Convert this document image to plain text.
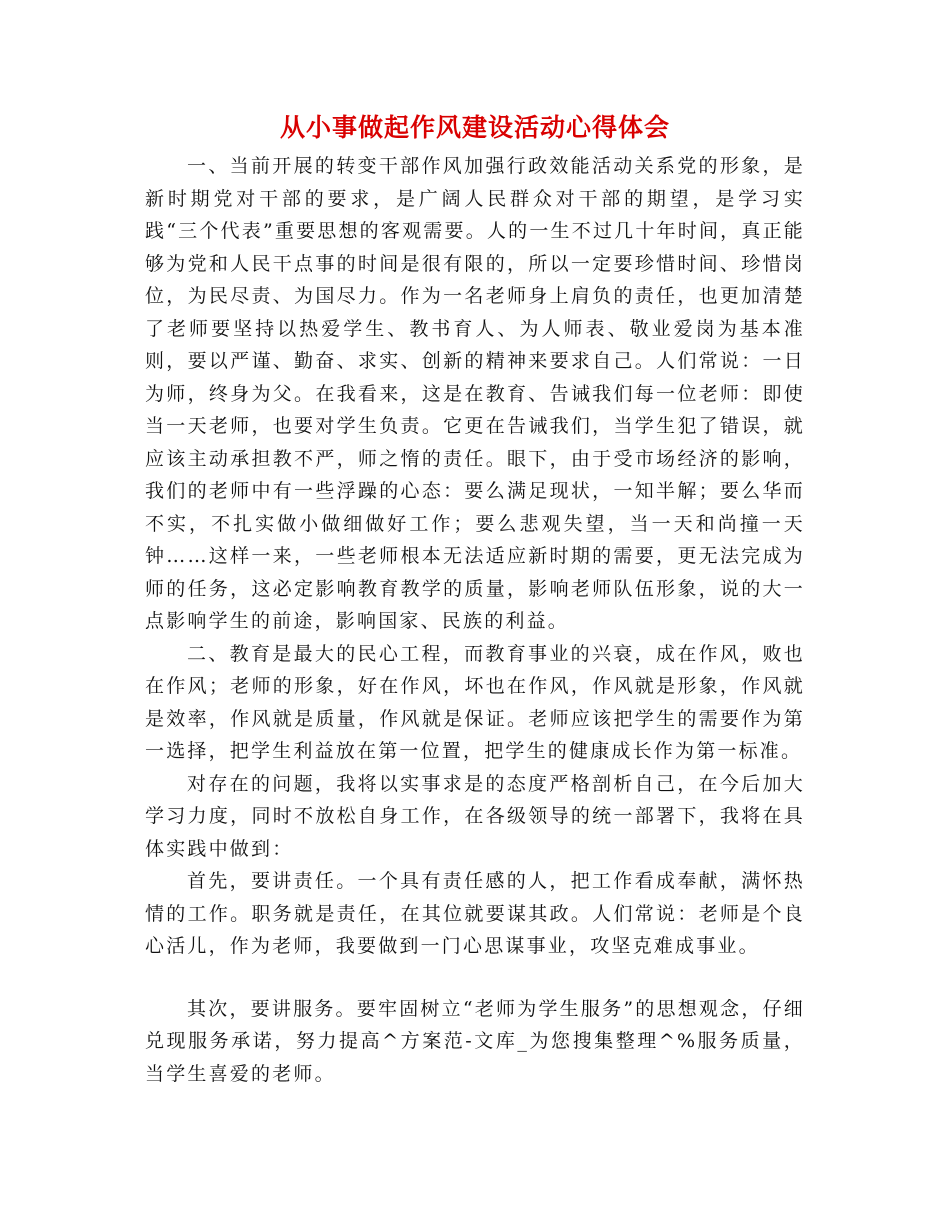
从小事做起作风建设活动心得体会

一、当前开展的转变干部作风加强行政效能活动关系党的形象，是新时期党对干部的要求，是广阔人民群众对干部的期望，是学习实践“三个代表”重要思想的客观需要。人的一生不过几十年时间，真正能够为党和人民干点事的时间是很有限的，所以一定要珍惜时间、珍惜岗位，为民尽责、为国尽力。作为一名老师身上肩负的责任，也更加清楚了老师要坚持以热爱学生、教书育人、为人师表、敬业爱岗为基本准则，要以严谨、勤奋、求实、创新的精神来要求自己。人们常说：一日为师，终身为父。在我看来，这是在教育、告诫我们每一位老师：即使当一天老师，也要对学生负责。它更在告诫我们，当学生犯了错误，就应该主动承担教不严，师之惰的责任。眼下，由于受市场经济的影响，我们的老师中有一些浮躁的心态：要么满足现状，一知半解；要么华而不实，不扎实做小做细做好工作；要么悲观失望，当一天和尚撞一天钟……这样一来，一些老师根本无法适应新时期的需要，更无法完成为师的任务，这必定影响教育教学的质量，影响老师队伍形象，说的大一点影响学生的前途，影响国家、民族的利益。

二、教育是最大的民心工程，而教育事业的兴衰，成在作风，败也在作风；老师的形象，好在作风，坏也在作风，作风就是形象，作风就是效率，作风就是质量，作风就是保证。老师应该把学生的需要作为第一选择，把学生利益放在第一位置，把学生的健康成长作为第一标准。

对存在的问题，我将以实事求是的态度严格剖析自己，在今后加大学习力度，同时不放松自身工作，在各级领导的统一部署下，我将在具体实践中做到：

首先，要讲责任。一个具有责任感的人，把工作看成奉献，满怀热情的工作。职务就是责任，在其位就要谋其政。人们常说：老师是个良心活儿，作为老师，我要做到一门心思谋事业，攻坚克难成事业。

其次，要讲服务。要牢固树立“老师为学生服务”的思想观念，仔细兑现服务承诺，努力提高^方案范-文库_为您搜集整理^%服务质量，当学生喜爱的老师。
